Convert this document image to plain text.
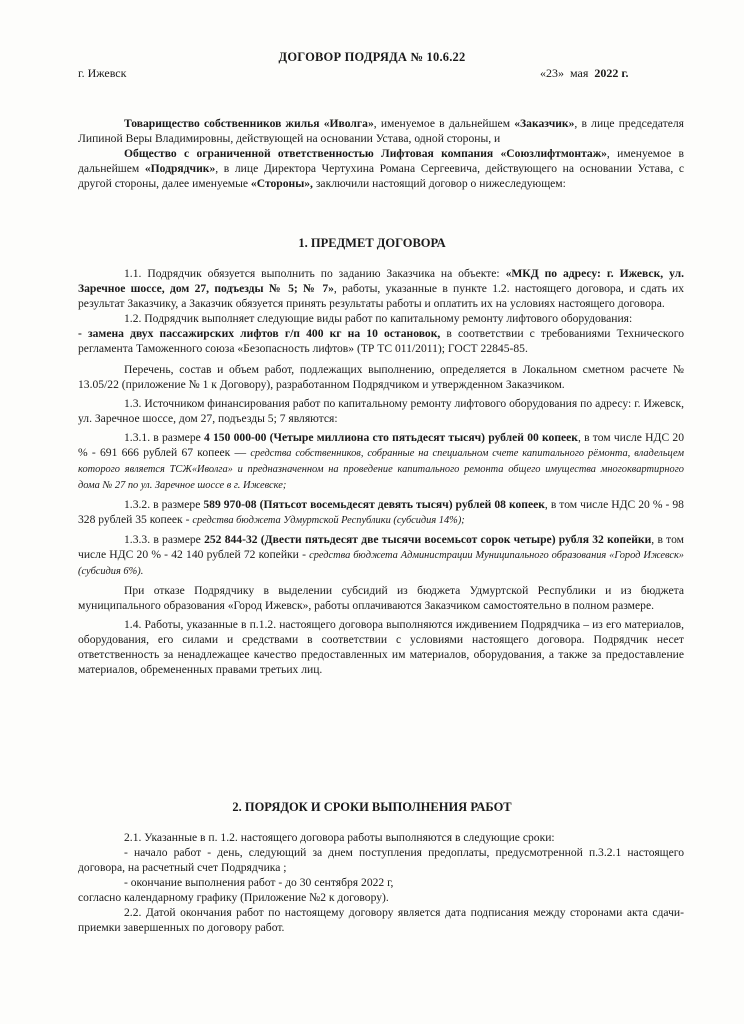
ДОГОВОР ПОДРЯДА № 10.6.22
г. Ижевск	«23» мая 2022 г.

Товарищество собственников жилья «Иволга», именуемое в дальнейшем «Заказчик», в лице председателя Липиной Веры Владимировны, действующей на основании Устава, одной стороны, и

Общество с ограниченной ответственностью Лифтовая компания «Союзлифтмонтаж», именуемое в дальнейшем «Подрядчик», в лице Директора Чертухина Романа Сергеевича, действующего на основании Устава, с другой стороны, далее именуемые «Стороны», заключили настоящий договор о нижеследующем:

1. ПРЕДМЕТ ДОГОВОРА

1.1. Подрядчик обязуется выполнить по заданию Заказчика на объекте: «МКД по адресу: г. Ижевск, ул. Заречное шоссе, дом 27, подъезды № 5; № 7», работы, указанные в пункте 1.2. настоящего договора, и сдать их результат Заказчику, а Заказчик обязуется принять результаты работы и оплатить их на условиях настоящего договора.

1.2. Подрядчик выполняет следующие виды работ по капитальному ремонту лифтового оборудования:

- замена двух пассажирских лифтов г/п 400 кг на 10 остановок, в соответствии с требованиями Технического регламента Таможенного союза «Безопасность лифтов» (ТР ТС 011/2011); ГОСТ 22845-85.

Перечень, состав и объем работ, подлежащих выполнению, определяется в Локальном сметном расчете № 13.05/22 (приложение № 1 к Договору), разработанном Подрядчиком и утвержденном Заказчиком.

1.3. Источником финансирования работ по капитальному ремонту лифтового оборудования по адресу: г. Ижевск, ул. Заречное шоссе, дом 27, подъезды 5; 7 являются:

1.3.1. в размере 4 150 000-00 (Четыре миллиона сто пятьдесят тысяч) рублей 00 копеек, в том числе НДС 20 % - 691 666 рублей 67 копеек — средства собственников, собранные на специальном счете капитального рёмонта, владельцем которого является ТСЖ«Иволга» и предназначенном на проведение капитального ремонта общего имущества многоквартирного дома № 27 по ул. Заречное шоссе в г. Ижевске;

1.3.2. в размере 589 970-08 (Пятьсот восемьдесят девять тысяч) рублей 08 копеек, в том числе НДС 20 % - 98 328 рублей 35 копеек - средства бюджета Удмуртской Республики (субсидия 14%);

1.3.3. в размере 252 844-32 (Двести пятьдесят две тысячи восемьсот сорок четыре) рубля 32 копейки, в том числе НДС 20 % - 42 140 рублей 72 копейки - средства бюджета Администрации Муниципального образования «Город Ижевск» (субсидия 6%).

При отказе Подрядчику в выделении субсидий из бюджета Удмуртской Республики и из бюджета муниципального образования «Город Ижевск», работы оплачиваются Заказчиком самостоятельно в полном размере.

1.4. Работы, указанные в п.1.2. настоящего договора выполняются иждивением Подрядчика – из его материалов, оборудования, его силами и средствами в соответствии с условиями настоящего договора. Подрядчик несет ответственность за ненадлежащее качество предоставленных им материалов, оборудования, а также за предоставление материалов, обремененных правами третьих лиц.

2. ПОРЯДОК И СРОКИ ВЫПОЛНЕНИЯ РАБОТ

2.1. Указанные в п. 1.2. настоящего договора работы выполняются в следующие сроки:

- начало работ - день, следующий за днем поступления предоплаты, предусмотренной п.3.2.1 настоящего договора, на расчетный счет Подрядчика ;

- окончание выполнения работ - до 30 сентября 2022 г,

согласно календарному графику (Приложение №2 к договору).

2.2. Датой окончания работ по настоящему договору является дата подписания между сторонами акта сдачи-приемки завершенных по договору работ.
